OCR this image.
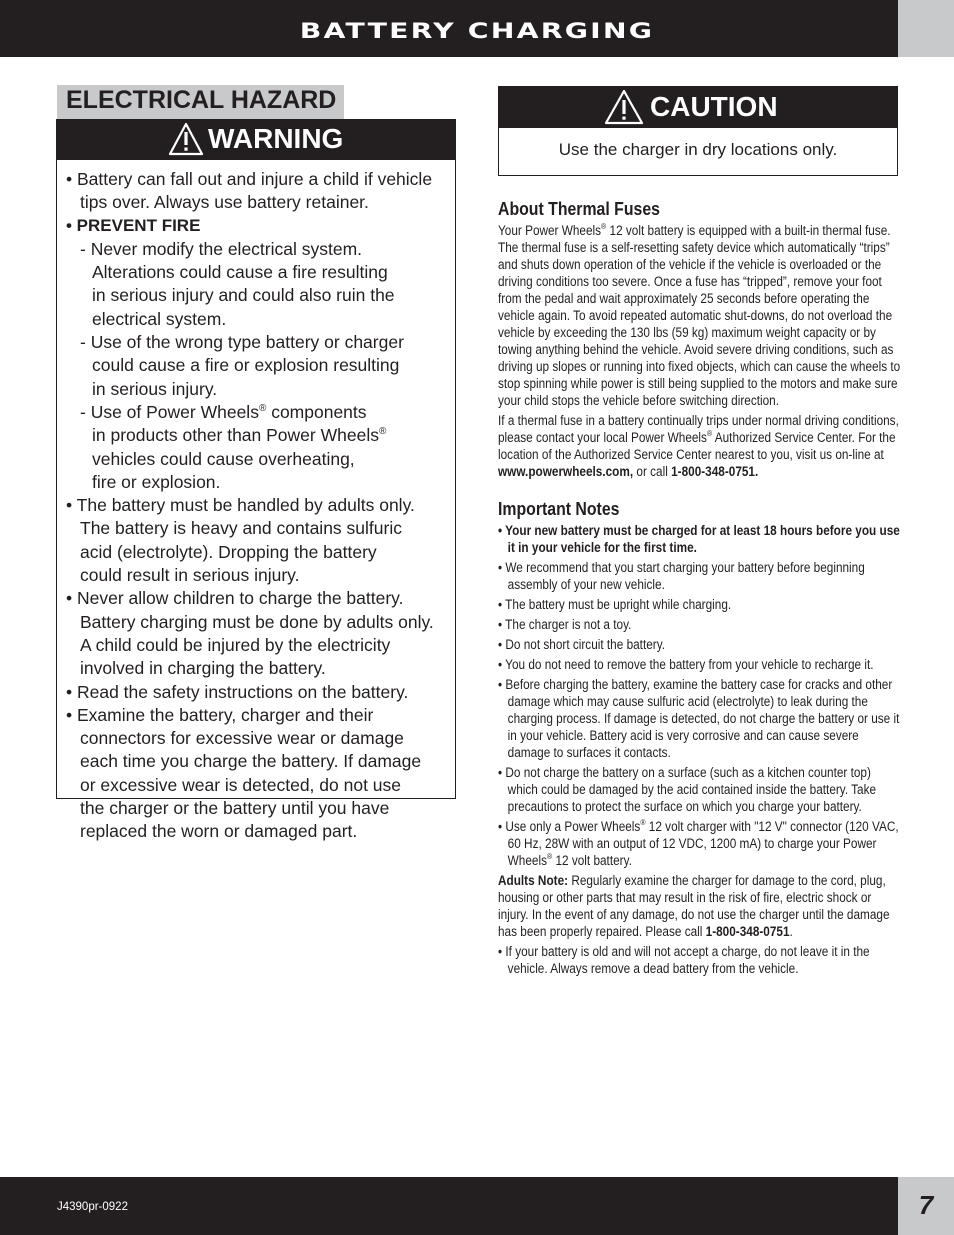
BATTERY CHARGING
ELECTRICAL HAZARD
WARNING

• Battery can fall out and injure a child if vehicle

tips over. Always use battery retainer.

• PREVENT FIRE

- Never modify the electrical system.

Alterations could cause a fire resulting

in serious injury and could also ruin the

electrical system.

- Use of the wrong type battery or charger

could cause a fire or explosion resulting

in serious injury.

- Use of Power Wheels® components

in products other than Power Wheels®

vehicles could cause overheating,

fire or explosion.

• The battery must be handled by adults only.

The battery is heavy and contains sulfuric

acid (electrolyte). Dropping the battery

could result in serious injury.

• Never allow children to charge the battery.

Battery charging must be done by adults only.

A child could be injured by the electricity

involved in charging the battery.

• Read the safety instructions on the battery.

• Examine the battery, charger and their

connectors for excessive wear or damage

each time you charge the battery. If damage

or excessive wear is detected, do not use

the charger or the battery until you have

replaced the worn or damaged part.

CAUTION
Use the charger in dry locations only.
About Thermal Fuses

Your Power Wheels® 12 volt battery is equipped with a built-in thermal fuse. The thermal fuse is a self-resetting safety device which automatically “trips” and shuts down operation of the vehicle if the vehicle is overloaded or the driving conditions too severe. Once a fuse has “tripped”, remove your foot from the pedal and wait approximately 25 seconds before operating the vehicle again. To avoid repeated automatic shut-downs, do not overload the vehicle by exceeding the 130 lbs (59 kg) maximum weight capacity or by towing anything behind the vehicle. Avoid severe driving conditions, such as driving up slopes or running into fixed objects, which can cause the wheels to stop spinning while power is still being supplied to the motors and make sure your child stops the vehicle before switching direction.

If a thermal fuse in a battery continually trips under normal driving conditions, please contact your local Power Wheels® Authorized Service Center. For the location of the Authorized Service Center nearest to you, visit us on-line at www.powerwheels.com, or call 1-800-348-0751.

Important Notes

• Your new battery must be charged for at least 18 hours before you use it in your vehicle for the first time.

• We recommend that you start charging your battery before beginning assembly of your new vehicle.

• The battery must be upright while charging.

• The charger is not a toy.

• Do not short circuit the battery.

• You do not need to remove the battery from your vehicle to recharge it.

• Before charging the battery, examine the battery case for cracks and other damage which may cause sulfuric acid (electrolyte) to leak during the charging process. If damage is detected, do not charge the battery or use it in your vehicle. Battery acid is very corrosive and can cause severe damage to surfaces it contacts.

• Do not charge the battery on a surface (such as a kitchen counter top) which could be damaged by the acid contained inside the battery. Take precautions to protect the surface on which you charge your battery.

• Use only a Power Wheels® 12 volt charger with "12 V" connector (120 VAC, 60 Hz, 28W with an output of 12 VDC, 1200 mA) to charge your Power Wheels® 12 volt battery.

Adults Note: Regularly examine the charger for damage to the cord, plug, housing or other parts that may result in the risk of fire, electric shock or injury. In the event of any damage, do not use the charger until the damage has been properly repaired. Please call 1-800-348-0751.

• If your battery is old and will not accept a charge, do not leave it in the vehicle. Always remove a dead battery from the vehicle.

J4390pr-0922	7
